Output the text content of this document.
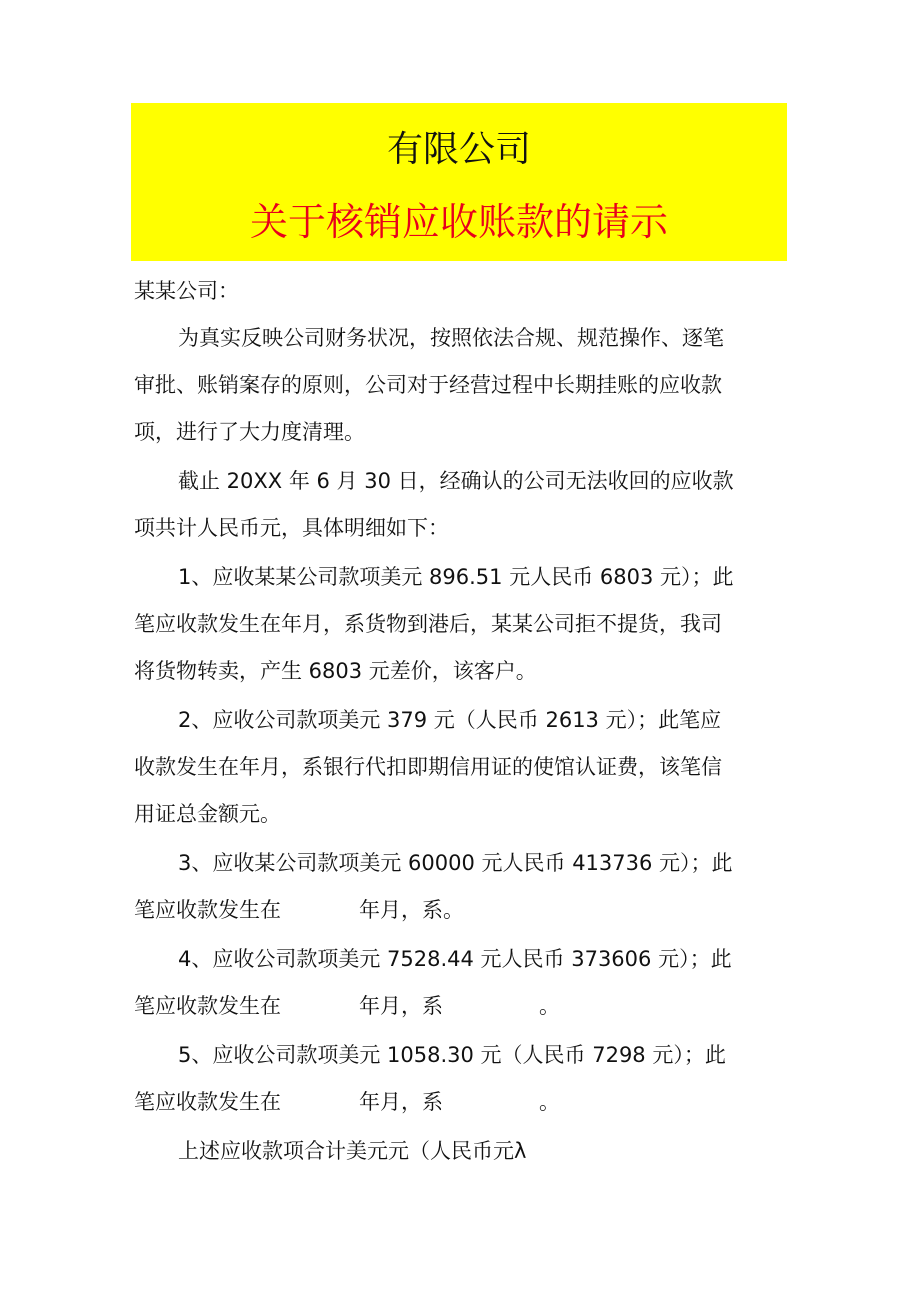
有限公司
关于核销应收账款的请示
某某公司：
为真实反映公司财务状况，按照依法合规、规范操作、逐笔
审批、账销案存的原则，公司对于经营过程中长期挂账的应收款
项，进行了大力度清理。
截止 20XX 年 6 月 30 日，经确认的公司无法收回的应收款
项共计人民币元，具体明细如下：
1、应收某某公司款项美元 896.51 元人民币 6803 元）；此
笔应收款发生在年月，系货物到港后，某某公司拒不提货，我司
将货物转卖，产生 6803 元差价，该客户。
2、应收公司款项美元 379 元（人民币 2613 元）；此笔应
收款发生在年月，系银行代扣即期信用证的使馆认证费，该笔信
用证总金额元。
3、应收某公司款项美元 60000 元人民币 413736 元）；此
笔应收款发生在	年月，系。
4、应收公司款项美元 7528.44 元人民币 373606 元）；此
笔应收款发生在	年月，系	。
5、应收公司款项美元 1058.30 元（人民币 7298 元）；此
笔应收款发生在	年月，系	。
上述应收款项合计美元元（人民币元λ
